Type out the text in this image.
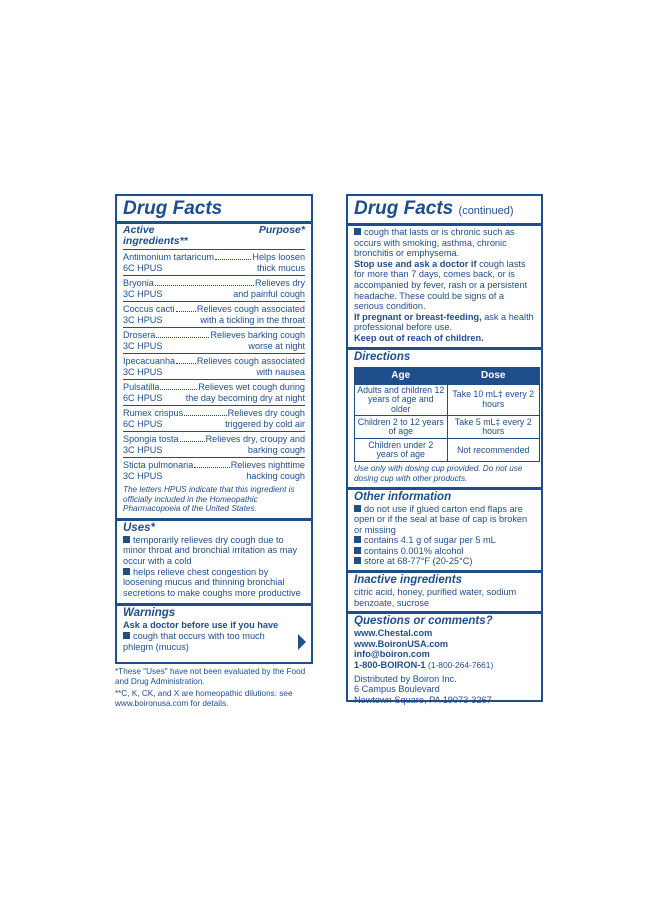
Drug Facts
Active
ingredients**
Purpose*
Antimonium tartaricum	Helps loosen
6C HPUS	thick mucus
Bryonia	Relieves dry
3C HPUS	and painful cough
Coccus cacti Relieves cough associated
3C HPUS	with a tickling in the throat
Drosera	Relieves barking cough
3C HPUS	worse at night
Ipecacuanha Relieves cough associated
3C HPUS	with nausea
Pulsatilla	Relieves wet cough during
6C HPUS	the day becoming dry at night
Rumex crispus	Relieves dry cough
6C HPUS	triggered by cold air
Spongia tosta	Relieves dry, croupy and
3C HPUS	barking cough
Sticta pulmonaria	Relieves nighttime
3C HPUS	hacking cough
The letters HPUS indicate that this ingredient is officially included in the Homeopathic Pharmacopoeia of the United States.
Uses*
temporarily relieves dry cough due to minor throat and bronchial irritation as may occur with a cold
helps relieve chest congestion by loosening mucus and thinning bronchial secretions to make coughs more productive
Warnings
Ask a doctor before use if you have
cough that occurs with too much phlegm (mucus)
*These "Uses" have not been evaluated by the Food and Drug Administration.
**C, K, CK, and X are homeopathic dilutions: see www.boironusa.com for details.
Drug Facts (continued)
cough that lasts or is chronic such as occurs with smoking, asthma, chronic bronchitis or emphysema.
Stop use and ask a doctor if cough lasts for more than 7 days, comes back, or is accompanied by fever, rash or a persistent headache. These could be signs of a serious condition.
If pregnant or breast-feeding, ask a health professional before use.
Keep out of reach of children.
Directions
Age	Dose
Adults and children 12 years of age and older	Take 10 mL‡ every 2 hours
Children 2 to 12 years of age	Take 5 mL‡ every 2 hours
Children under 2 years of age	Not recommended
Use only with dosing cup provided. Do not use dosing cup with other products.
Other information
do not use if glued carton end flaps are open or if the seal at base of cap is broken or missing
contains 4.1 g of sugar per 5 mL
contains 0.001% alcohol
store at 68-77°F (20-25°C)
Inactive ingredients
citric acid, honey, purified water, sodium benzoate, sucrose
Questions or comments?
www.Chestal.com
www.BoironUSA.com
info@boiron.com
1-800-BOIRON-1 (1-800-264-7661)
Distributed by Boiron Inc.
6 Campus Boulevard
Newtown Square, PA 19073-3267
